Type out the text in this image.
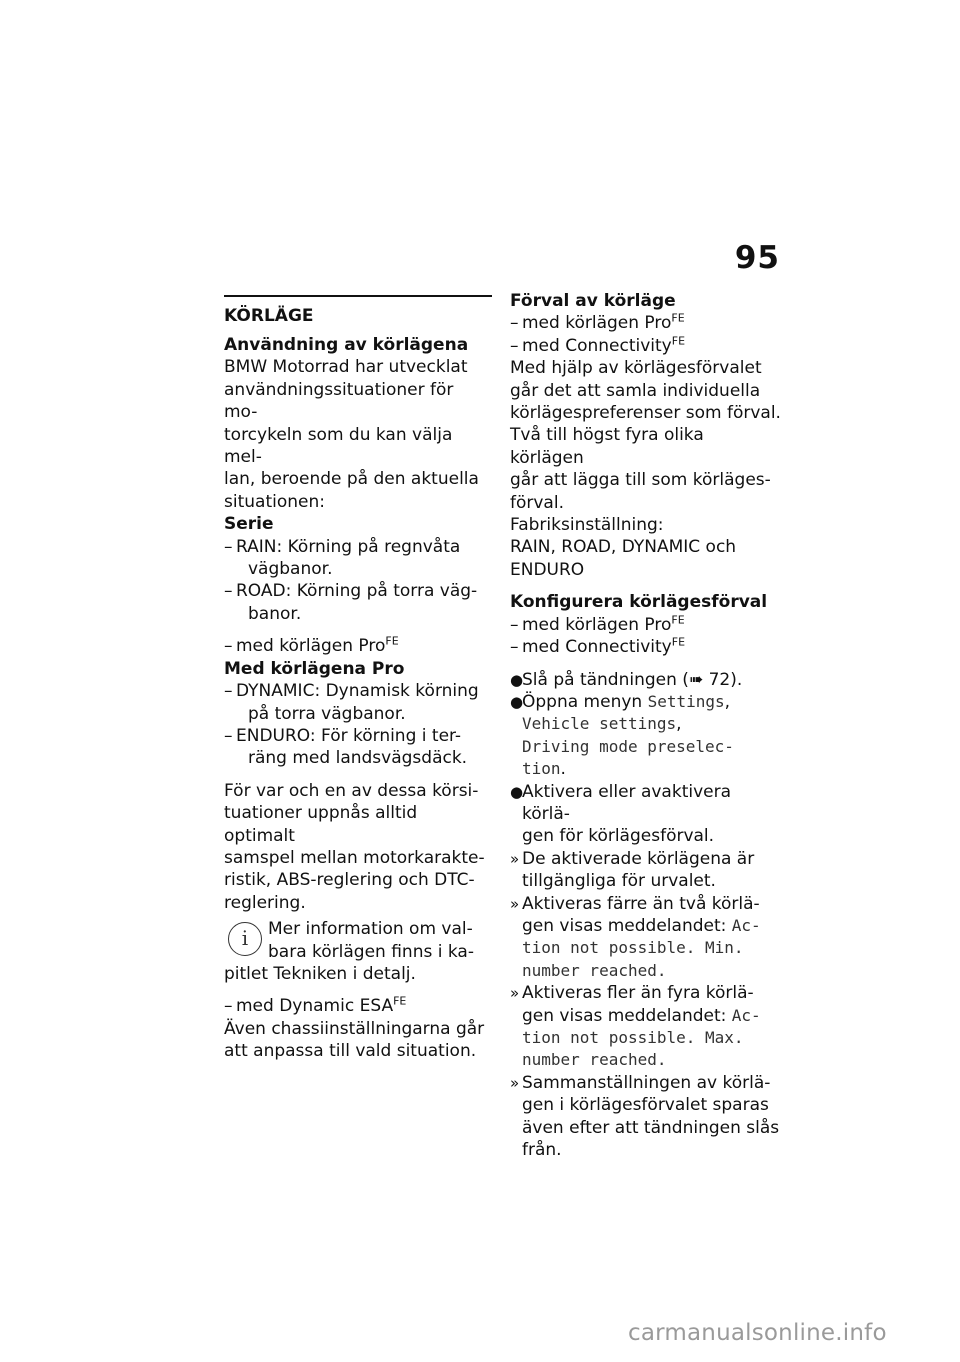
95
KÖRLÄGE
Användning av körlägena
BMW Motorrad har utvecklat
användningssituationer för mo-
torcykeln som du kan välja mel-
lan, beroende på den aktuella
situationen:
Serie
– RAIN: Körning på regnvåta
vägbanor.
– ROAD: Körning på torra väg-
banor.
– med körlägen Pro$^{FE}$
Med körlägena Pro
– DYNAMIC: Dynamisk körning
på torra vägbanor.
– ENDURO: För körning i ter-
räng med landsvägsdäck.
För var och en av dessa körsi-
tuationer uppnås alltid optimalt
samspel mellan motorkarakte-
ristik, ABS-reglering och DTC-
reglering.
i	Mer information om val-
bara körlägen finns i ka-
pitlet Tekniken i detalj.
– med Dynamic $ESA^{FE}$
Även chassiinställningarna går
att anpassa till vald situation.
Förval av körläge
– med körlägen Pro$^{FE}$
– med Connectivity$^{FE}$
Med hjälp av körlägesförvalet
går det att samla individuella
körlägespreferenser som förval.
Två till högst fyra olika körlägen
går att lägga till som körläges-
förval.
Fabriksinställning:
RAIN, ROAD, DYNAMIC och
ENDURO
Konfigurera körlägesförval
– med körlägen Pro$^{FE}$
– med Connectivity$^{FE}$
●
Slå på tändningen (➠ 72).
●
Öppna menyn Settings,
Vehicle settings,
Driving mode preselec-
tion.
●
Aktivera eller avaktivera körlä-
gen för körlägesförval.
» De aktiverade körlägena är
tillgängliga för urvalet.
» Aktiveras färre än två körlä-
gen visas meddelandet: Ac-
tion not possible. Min.
number reached.
» Aktiveras fler än fyra körlä-
gen visas meddelandet: Ac-
tion not possible. Max.
number reached.
» Sammanställningen av körlä-
gen i körlägesförvalet sparas
även efter att tändningen slås
från.
carmanualsonline.info
